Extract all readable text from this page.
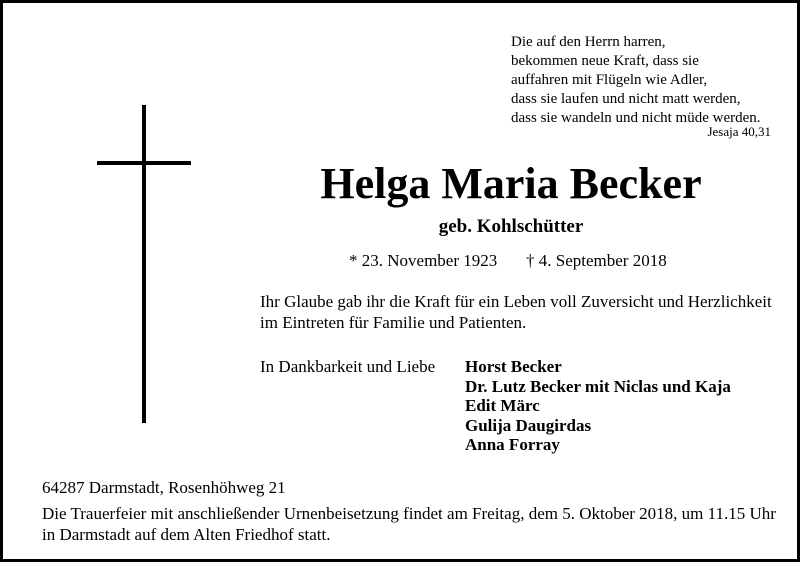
Die auf den Herrn harren,
bekommen neue Kraft, dass sie
auffahren mit Flügeln wie Adler,
dass sie laufen und nicht matt werden,
dass sie wandeln und nicht müde werden.
Jesaja 40,31
Helga Maria Becker
geb. Kohlschütter
* 23. November 1923 † 4. September 2018
Ihr Glaube gab ihr die Kraft für ein Leben voll Zuversicht und Herzlichkeit
im Eintreten für Familie und Patienten.
In Dankbarkeit und Liebe Horst Becker
Dr. Lutz Becker mit Niclas und Kaja
Edit Märc
Gulija Daugirdas
Anna Forray
64287 Darmstadt, Rosenhöhweg 21
Die Trauerfeier mit anschließender Urnenbeisetzung findet am Freitag, dem 5. Oktober 2018, um 11.15 Uhr
in Darmstadt auf dem Alten Friedhof statt.
